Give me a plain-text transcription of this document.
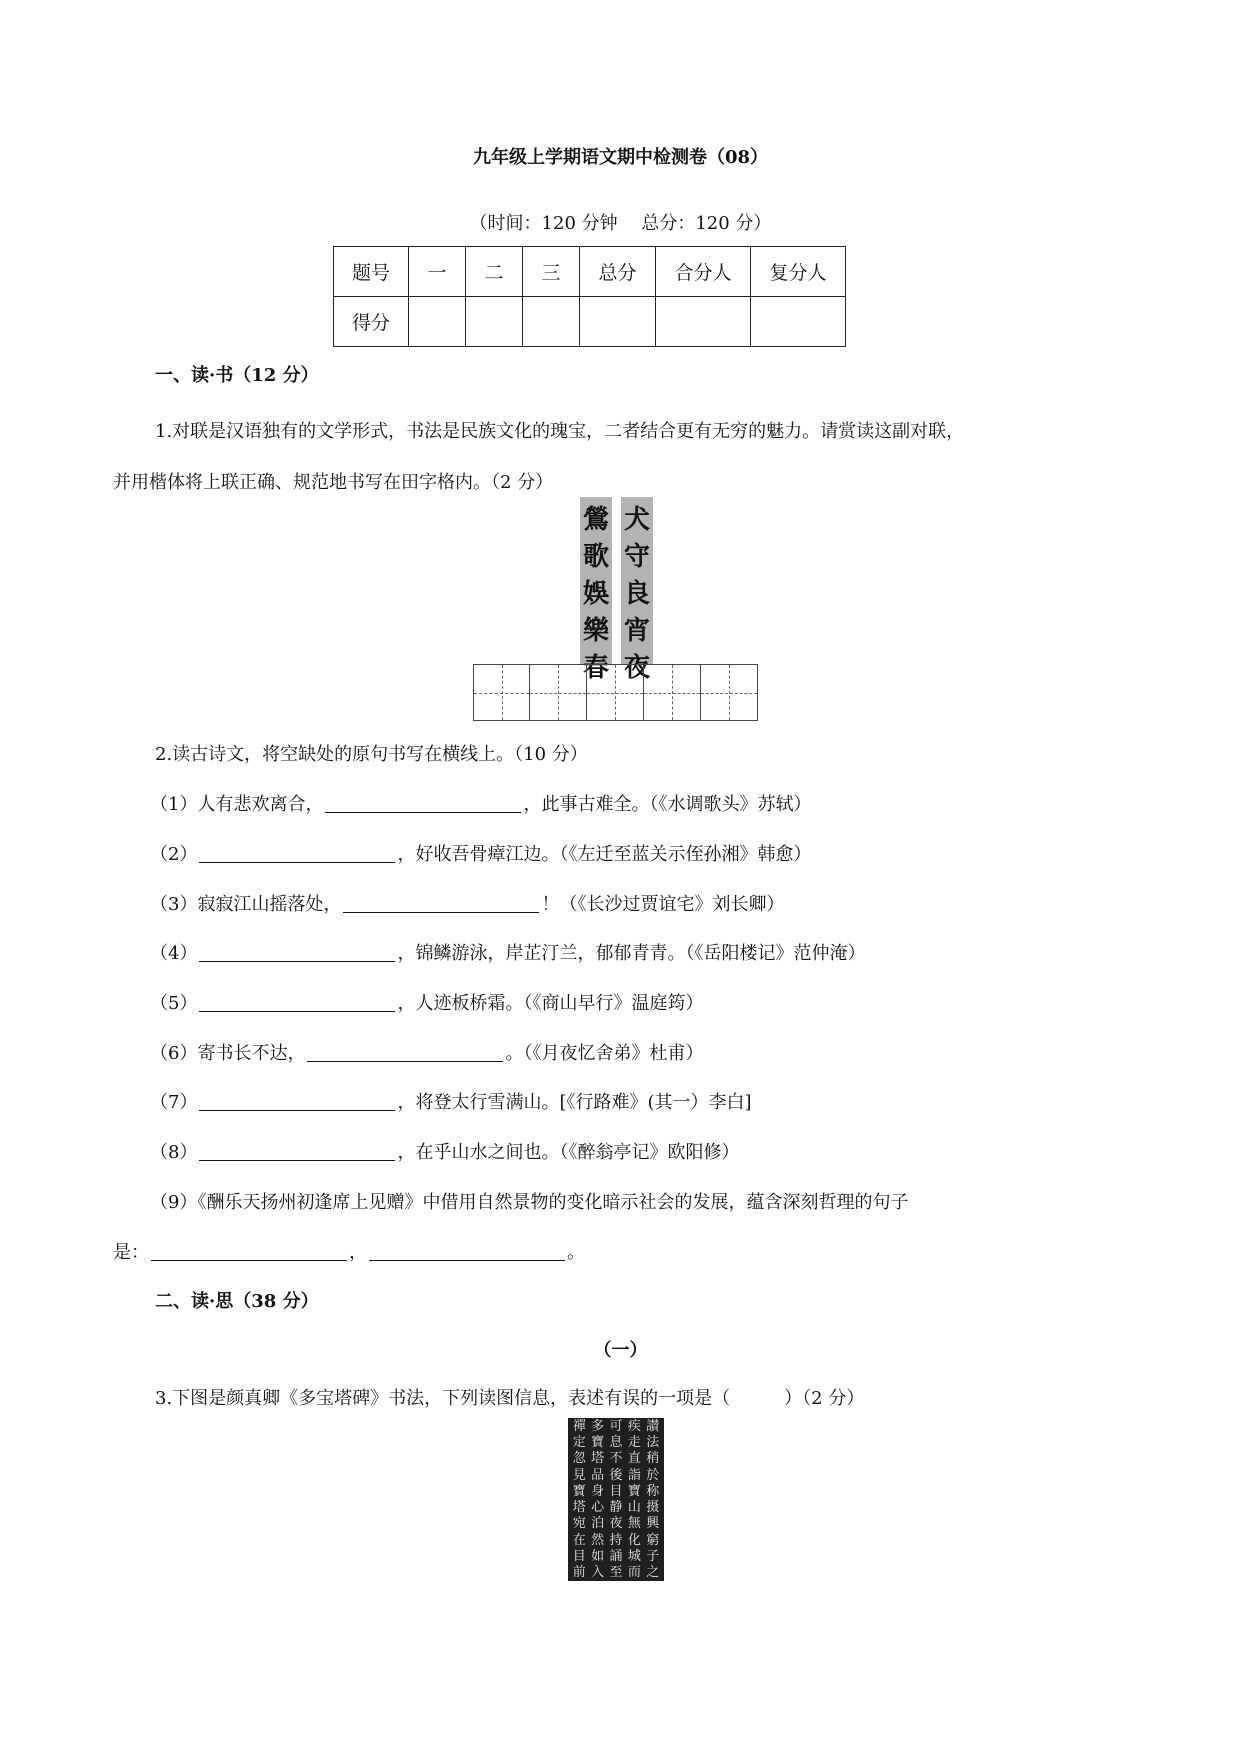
九年级上学期语文期中检测卷（08）
（时间：120 分钟　 总分：120 分）
题号	一	二	三	总分	合分人	复分人
得分						
一、读·书（12 分）
1.对联是汉语独有的文学形式，书法是民族文化的瑰宝，二者结合更有无穷的魅力。请赏读这副对联，
并用楷体将上联正确、规范地书写在田字格内。（2 分）
鶯
歌
娛
樂
春
犬
守
良
宵
夜
2.读古诗文，将空缺处的原句书写在横线上。（10 分）
（1）人有悲欢离合，	，此事古难全。（《水调歌头》苏轼）
（2）	，好收吾骨瘴江边。（《左迁至蓝关示侄孙湘》韩愈）
（3）寂寂江山摇落处，	！（《长沙过贾谊宅》刘长卿）
（4）	，锦鳞游泳，岸芷汀兰，郁郁青青。（《岳阳楼记》范仲淹）
（5）	，人迹板桥霜。（《商山早行》温庭筠）
（6）寄书长不达，	。（《月夜忆舍弟》杜甫）
（7）	，将登太行雪满山。[《行路难》(其一）李白]
（8）	，在乎山水之间也。（《醉翁亭记》欧阳修）
（9）《酬乐天扬州初逢席上见赠》中借用自然景物的变化暗示社会的发展，蕴含深刻哲理的句子
是：	，	。
二、读·思（38 分）
（一）
3.下图是颜真卿《多宝塔碑》书法，下列读图信息，表述有误的一项是（　　　）（2 分）
讃
法
稍
於
称
摄
興
窮
子
之
疾
走
直
詣
寶
山
無
化
城
而
可
息
不
後
目
静
夜
持
誦
至
多
寶
塔
品
身
心
泊
然
如
入
禪
定
忽
見
寶
塔
宛
在
目
前
